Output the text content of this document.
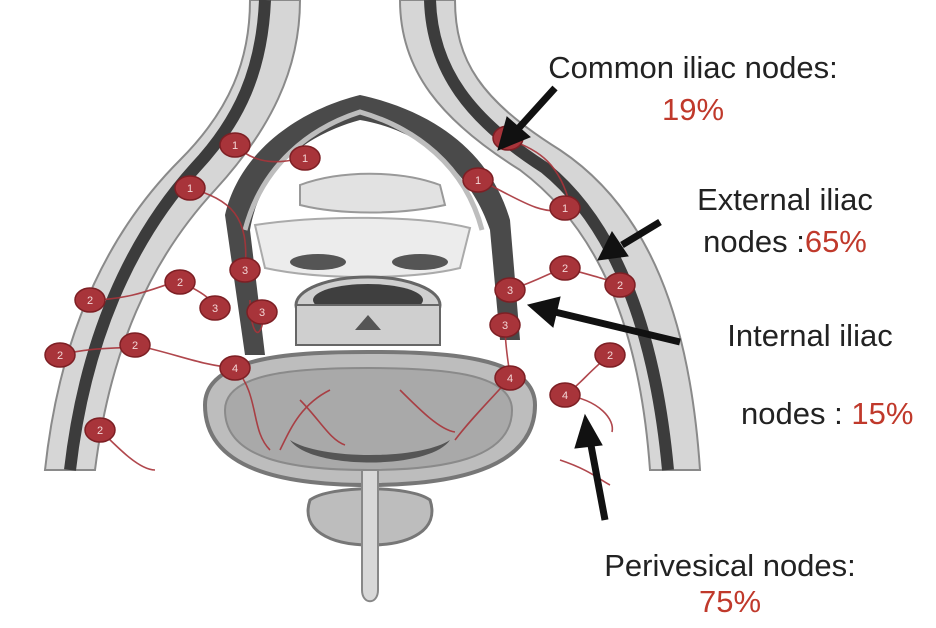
1
1
1
2
2
2
2
2
3
3	3
4
1
1
2
2
2
3
3
4
4
Common iliac nodes:
19%
External iliac
nodes :65%
Internal iliac

nodes : 15%

Perivesical nodes:
75%
